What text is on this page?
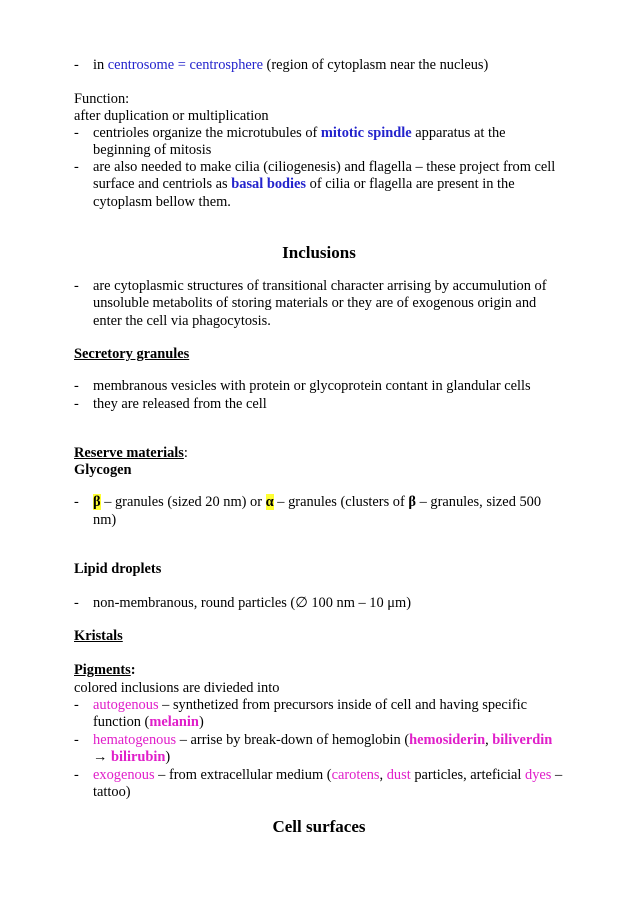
- in centrosome = centrosphere (region of cytoplasm near the nucleus)
Function:
after duplication or multiplication
- centrioles organize the microtubules of mitotic spindle apparatus at the
beginning of mitosis
- are also needed to make cilia (ciliogenesis) and flagella – these project from cell
surface and centriols as basal bodies of cilia or flagella are present in the
cytoplasm bellow them.
Inclusions
- are cytoplasmic structures of transitional character arrising by accumulution of
unsoluble metabolits of storing materials or they are of exogenous origin and
enter the cell via phagocytosis.
Secretory granules
- membranous vesicles with protein or glycoprotein contant in glandular cells
- they are released from the cell
Reserve materials:
Glycogen
- β – granules (sized 20 nm) or α – granules (clusters of β – granules, sized 500
nm)
Lipid droplets
- non-membranous, round particles (∅ 100 nm – 10 μm)
Kristals
Pigments:
colored inclusions are divieded into
- autogenous – synthetized from precursors inside of cell and having specific
function (melanin)
- hematogenous – arrise by break-down of hemoglobin (hemosiderin, biliverdin
→ bilirubin)
- exogenous – from extracellular medium (carotens, dust particles, arteficial dyes –
tattoo)
Cell surfaces
